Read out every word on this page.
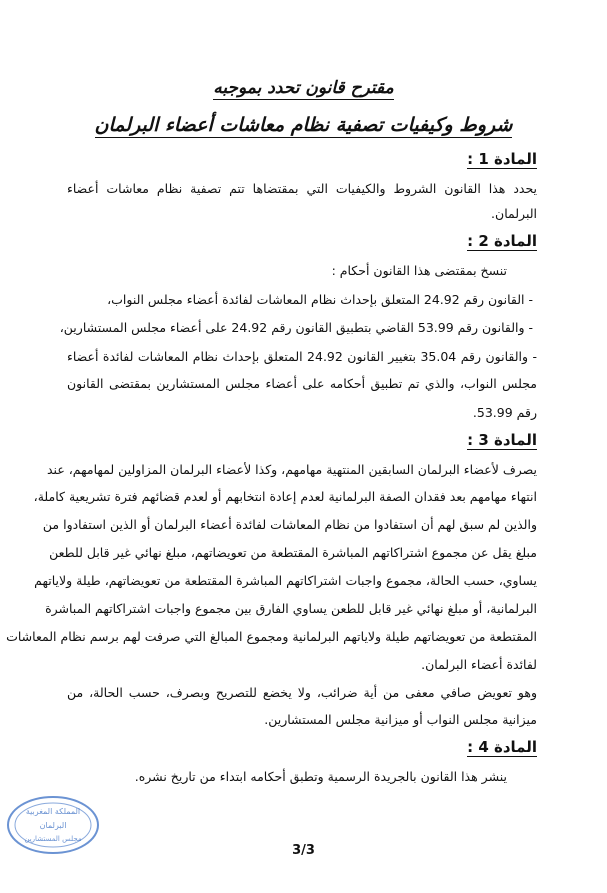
مقترح قانون تحدد بموجبه
شروط وكيفيات تصفية نظام معاشات أعضاء البرلمان
المادة 1 :
يحدد هذا القانون الشروط والكيفيات التي بمقتضاها تتم تصفية نظام معاشات أعضاء
البرلمان.
المادة 2 :
تنسخ بمقتضى هذا القانون أحكام :
- القانون رقم 24.92 المتعلق بإحداث نظام المعاشات لفائدة أعضاء مجلس النواب،
- والقانون رقم 53.99 القاضي بتطبيق القانون رقم 24.92 على أعضاء مجلس المستشارين،
- والقانون رقم 35.04 بتغيير القانون 24.92 المتعلق بإحداث نظام المعاشات لفائدة أعضاء
مجلس النواب، والذي تم تطبيق أحكامه على أعضاء مجلس المستشارين بمقتضى القانون
رقم 53.99.
المادة 3 :
يصرف لأعضاء البرلمان السابقين المنتهية مهامهم، وكذا لأعضاء البرلمان المزاولين لمهامهم، عند
انتهاء مهامهم بعد فقدان الصفة البرلمانية لعدم إعادة انتخابهم أو لعدم قضائهم فترة تشريعية كاملة،
والذين لم سبق لهم أن استفادوا من نظام المعاشات لفائدة أعضاء البرلمان أو الذين استفادوا من
مبلغ يقل عن مجموع اشتراكاتهم المباشرة المقتطعة من تعويضاتهم، مبلغ نهائي غير قابل للطعن
يساوي، حسب الحالة، مجموع واجبات اشتراكاتهم المباشرة المقتطعة من تعويضاتهم، طيلة ولاياتهم
البرلمانية، أو مبلغ نهائي غير قابل للطعن يساوي الفارق بين مجموع واجبات اشتراكاتهم المباشرة
المقتطعة من تعويضاتهم طيلة ولاياتهم البرلمانية ومجموع المبالغ التي صرفت لهم برسم نظام المعاشات
لفائدة أعضاء البرلمان.
وهو تعويض صافي معفى من أية ضرائب، ولا يخضع للتصريح وبصرف، حسب الحالة، من
ميزانية مجلس النواب أو ميزانية مجلس المستشارين.
المادة 4 :
ينشر هذا القانون بالجريدة الرسمية وتطبق أحكامه ابتداء من تاريخ نشره.
المملكة المغربية
البرلمان
مجلس المستشارين
3/3
